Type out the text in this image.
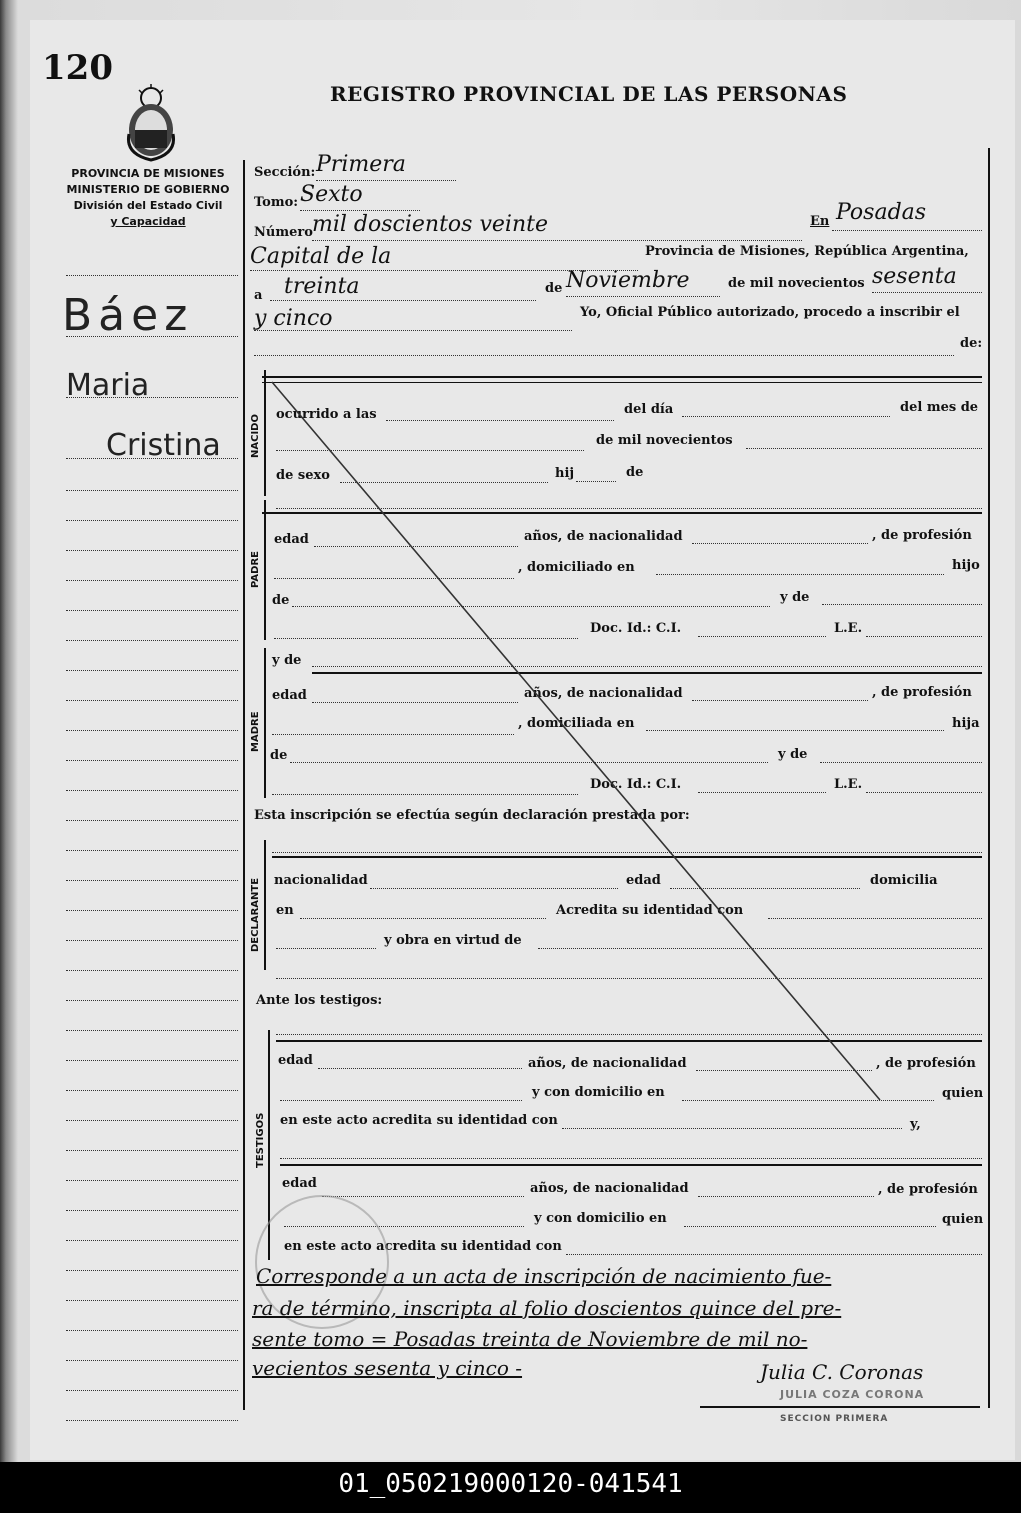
120
REGISTRO PROVINCIAL DE LAS PERSONAS
PROVINCIA DE MISIONES
MINISTERIO DE GOBIERNO
División del Estado Civil
y Capacidad
Báez
Maria
Cristina
Sección: Primera
Tomo: Sexto
Número mil doscientos veinte	En Posadas
Capital de la	Provincia de Misiones, República Argentina,
a treinta	de Noviembre	de mil novecientos sesenta
y cinco	Yo, Oficial Público autorizado, procedo a inscribir el
de:
NACIDO ocurrido a las	del día	del mes de
de mil novecientos
de sexo	hij	de
PADRE
edad	años, de nacionalidad	, de profesión
, domiciliado en	hijo
de	y de
Doc. Id.: C.I.	L.E.
y de
MADRE
edad	años, de nacionalidad	, de profesión
, domiciliada en	hija
de	y de
Doc. Id.: C.I.	L.E.
Esta inscripción se efectúa según declaración prestada por:
DECLARANTE nacionalidad	edad	domicilia
en	Acredita su identidad con
y obra en virtud de
Ante los testigos:
TESTIGOS
edad	años, de nacionalidad	, de profesión
y con domicilio en	quien
en este acto acredita su identidad con	y,
edad	años, de nacionalidad	, de profesión
y con domicilio en	quien
en este acto acredita su identidad con
Corresponde a un acta de inscripción de nacimiento fue-
ra de término, inscripta al folio doscientos quince del pre-
sente tomo = Posadas treinta de Noviembre de mil no-
vecientos sesenta y cinco -	Julia C. Coronas
JULIA COZA CORONA
SECCION PRIMERA
01_050219000120-041541
